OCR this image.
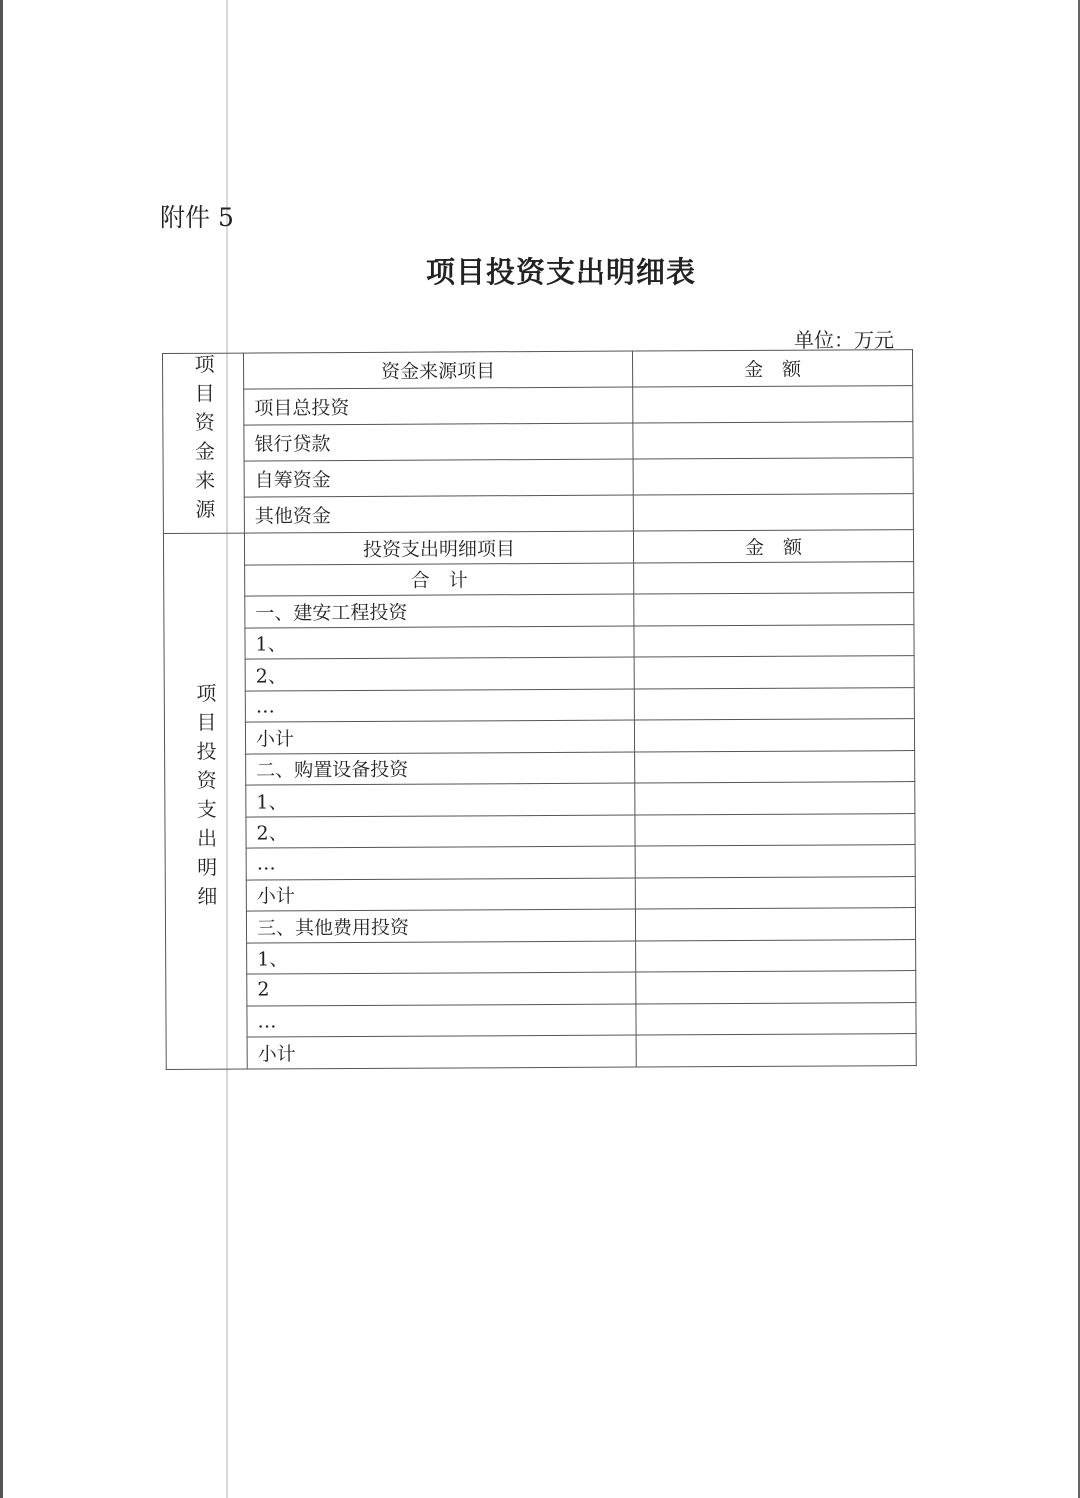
附件 5
项目投资支出明细表
单位：万元
项目资金来源	资金来源项目	金　额
	项目总投资	
	银行贷款	
	自筹资金	
	其他资金	
项目投资支出明细	投资支出明细项目	金　额
	合　计	
	一、建安工程投资	
	1、	
	2、	
	…	
	小计	
	二、购置设备投资	
	1、	
	2、	
	…	
	小计	
	三、其他费用投资	
	1、	
	2	
	…	
	小计	
